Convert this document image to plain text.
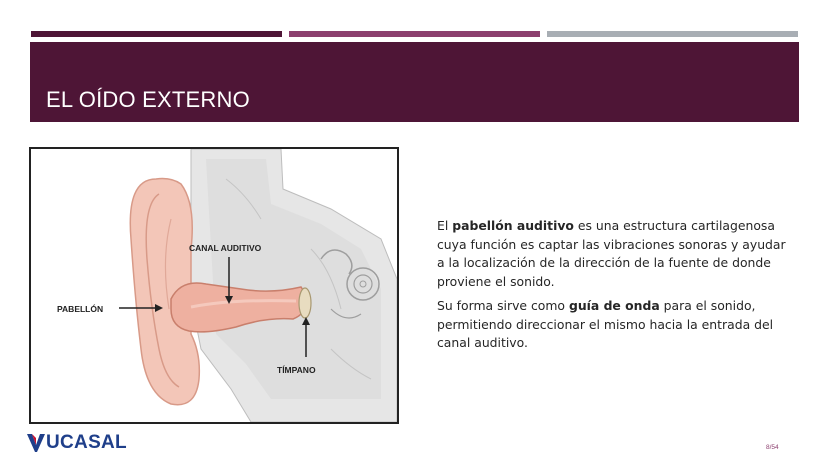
EL OÍDO EXTERNO
CANAL AUDITIVO
PABELLÓN
TÍMPANO

El pabellón auditivo es una estructura cartilagenosa cuya función es captar las vibraciones sonoras y ayudar a la localización de la dirección de la fuente de donde proviene el sonido.

Su forma sirve como guía de onda para el sonido, permitiendo direccionar el mismo hacia la entrada del canal auditivo.

UCASAL	8/54
